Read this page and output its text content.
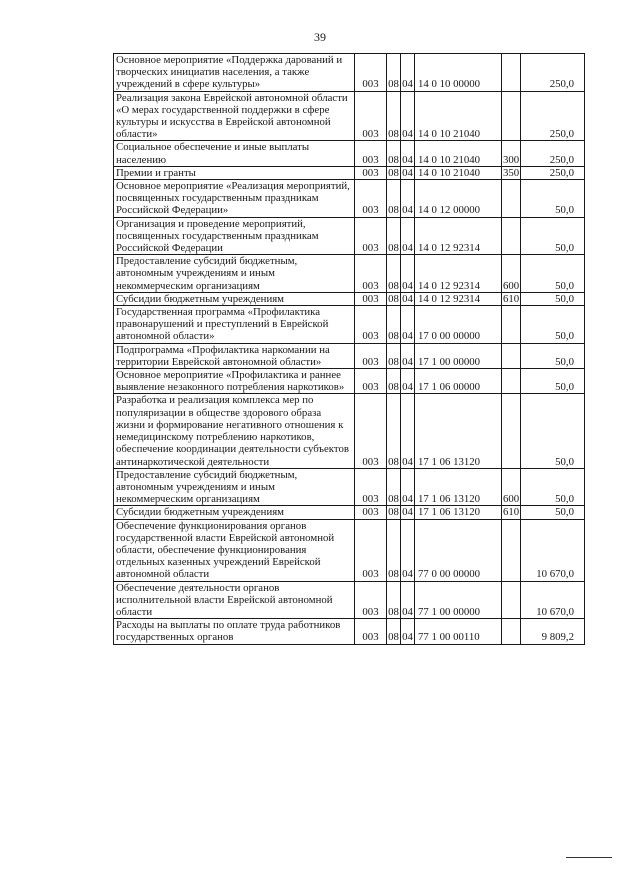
39
Основное мероприятие «Поддержка дарований и творческих инициатив населения, а также учреждений в сфере культуры»	003	08	04	14 0 10 00000		250,0
Реализация закона Еврейской автономной области «О мерах государственной поддержки в сфере культуры и искусства в Еврейской автономной области»	003	08	04	14 0 10 21040		250,0
Социальное обеспечение и иные выплаты населению	003	08	04	14 0 10 21040	300	250,0
Премии и гранты	003	08	04	14 0 10 21040	350	250,0
Основное мероприятие «Реализация мероприятий, посвященных государственным праздникам Российской Федерации»	003	08	04	14 0 12 00000		50,0
Организация и проведение мероприятий, посвященных государственным праздникам Российской Федерации	003	08	04	14 0 12 92314		50,0
Предоставление субсидий бюджетным, автономным учреждениям и иным некоммерческим организациям	003	08	04	14 0 12 92314	600	50,0
Субсидии бюджетным учреждениям	003	08	04	14 0 12 92314	610	50,0
Государственная программа «Профилактика правонарушений и преступлений в Еврейской автономной области»	003	08	04	17 0 00 00000		50,0
Подпрограмма «Профилактика наркомании на территории Еврейской автономной области»	003	08	04	17 1 00 00000		50,0
Основное мероприятие «Профилактика и раннее выявление незаконного потребления наркотиков»	003	08	04	17 1 06 00000		50,0
Разработка и реализация комплекса мер по популяризации в обществе здорового образа жизни и формирование негативного отношения к немедицинскому потреблению наркотиков, обеспечение координации деятельности субъектов антинаркотической деятельности	003	08	04	17 1 06 13120		50,0
Предоставление субсидий бюджетным, автономным учреждениям и иным некоммерческим организациям	003	08	04	17 1 06 13120	600	50,0
Субсидии бюджетным учреждениям	003	08	04	17 1 06 13120	610	50,0
Обеспечение функционирования органов государственной власти Еврейской автономной области, обеспечение функционирования отдельных казенных учреждений Еврейской автономной области	003	08	04	77 0 00 00000		10 670,0
Обеспечение деятельности органов исполнительной власти Еврейской автономной области	003	08	04	77 1 00 00000		10 670,0
Расходы на выплаты по оплате труда работников государственных органов	003	08	04	77 1 00 00110		9 809,2
